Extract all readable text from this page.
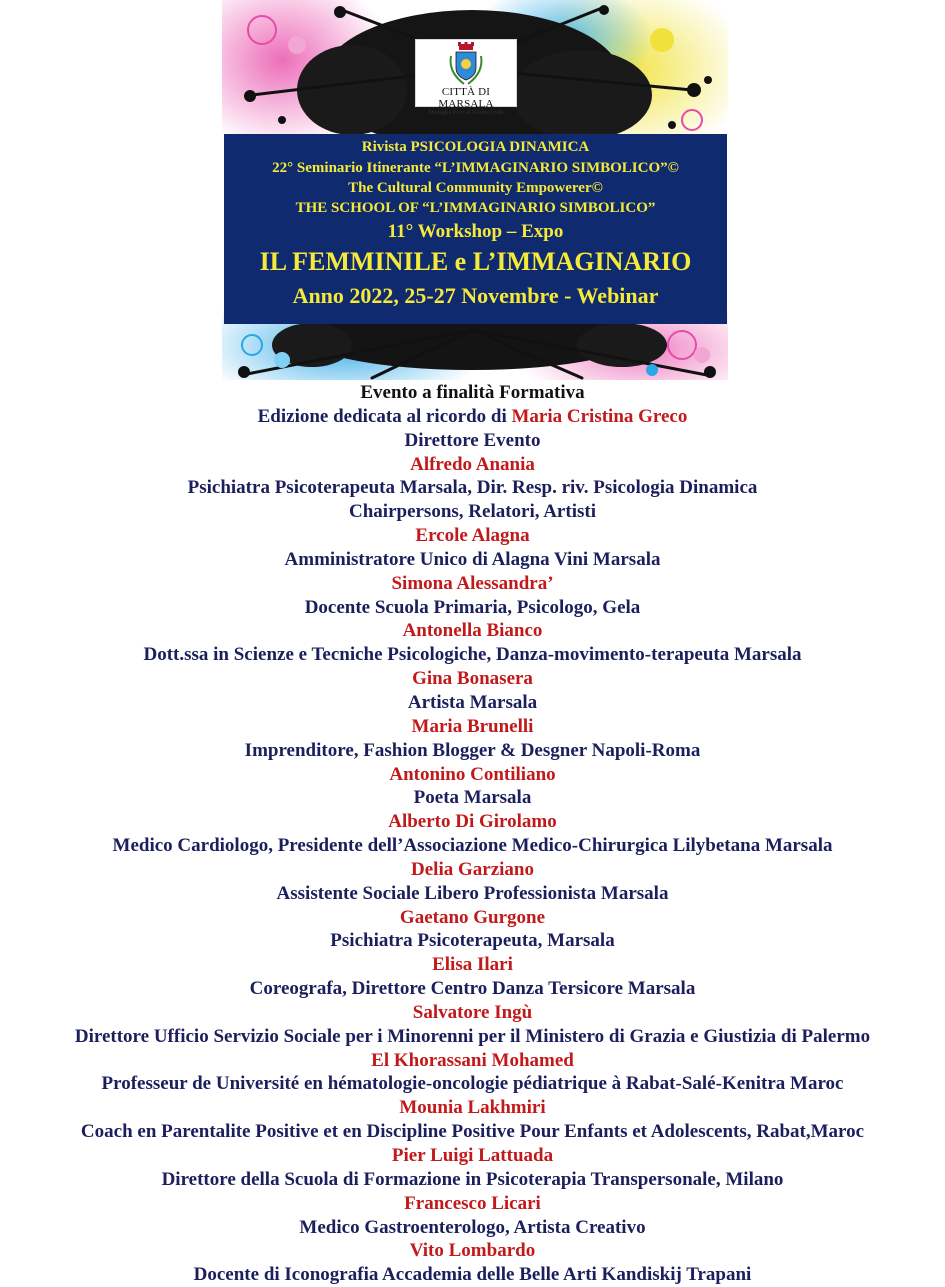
CITTÀ DI MARSALA
Medaglia d'oro al Valore Civile
Rivista PSICOLOGIA DINAMICA
22° Seminario Itinerante “L’IMMAGINARIO SIMBOLICO”©
The Cultural Community Empowerer©
THE SCHOOL OF “L’IMMAGINARIO SIMBOLICO”
11° Workshop – Expo
IL FEMMINILE e L’IMMAGINARIO
Anno 2022, 25-27 Novembre - Webinar
Evento a finalità Formativa
Edizione dedicata al ricordo di Maria Cristina Greco
Direttore Evento
Alfredo Anania
Psichiatra Psicoterapeuta Marsala, Dir. Resp. riv. Psicologia Dinamica
Chairpersons, Relatori, Artisti
Ercole Alagna
Amministratore Unico di Alagna Vini Marsala
Simona Alessandra’
Docente Scuola Primaria, Psicologo, Gela
Antonella Bianco
Dott.ssa in Scienze e Tecniche Psicologiche, Danza-movimento-terapeuta Marsala
Gina Bonasera
Artista Marsala
Maria Brunelli
Imprenditore, Fashion Blogger & Desgner Napoli-Roma
Antonino Contiliano
Poeta Marsala
Alberto Di Girolamo
Medico Cardiologo, Presidente dell’Associazione Medico-Chirurgica Lilybetana Marsala
Delia Garziano
Assistente Sociale Libero Professionista Marsala
Gaetano Gurgone
Psichiatra Psicoterapeuta, Marsala
Elisa Ilari
Coreografa, Direttore Centro Danza Tersicore Marsala
Salvatore Ingù
Direttore Ufficio Servizio Sociale per i Minorenni per il Ministero di Grazia e Giustizia di Palermo
El Khorassani Mohamed
Professeur de Université en hématologie-oncologie pédiatrique à Rabat-Salé-Kenitra Maroc
Mounia Lakhmiri
Coach en Parentalite Positive et en Discipline Positive Pour Enfants et Adolescents, Rabat,Maroc
Pier Luigi Lattuada
Direttore della Scuola di Formazione in Psicoterapia Transpersonale, Milano
Francesco Licari
Medico Gastroenterologo, Artista Creativo
Vito Lombardo
Docente di Iconografia Accademia delle Belle Arti Kandiskij Trapani
